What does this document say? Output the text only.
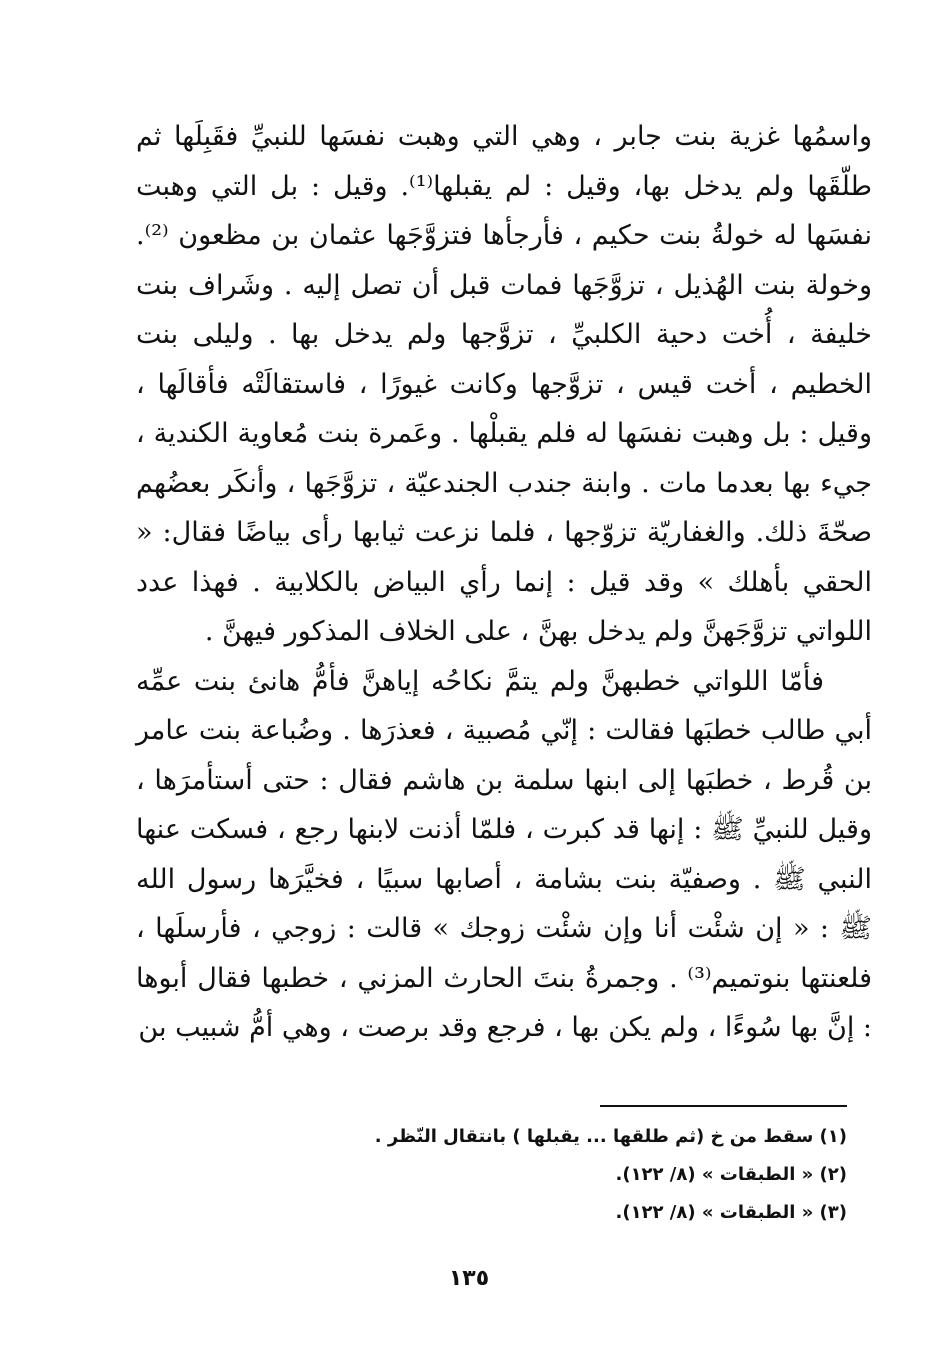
واسمُها غزية بنت جابر ، وهي التي وهبت نفسَها للنبيِّ فقَبِلَها ثم طلّقَها ولم يدخل بها، وقيل : لم يقبلها⁽¹⁾. وقيل : بل التي وهبت نفسَها له خولةُ بنت حكيم ، فأرجأها فتزوَّجَها عثمان بن مظعون ⁽²⁾. وخولة بنت الهُذيل ، تزوَّجَها فمات قبل أن تصل إليه . وشَراف بنت خليفة ، أُخت دحية الكلبيِّ ، تزوَّجها ولم يدخل بها . وليلى بنت الخطيم ، أخت قيس ، تزوَّجها وكانت غيورًا ، فاستقالَتْه فأقالَها ، وقيل : بل وهبت نفسَها له فلم يقبلْها . وعَمرة بنت مُعاوية الكندية ، جيء بها بعدما مات . وابنة جندب الجندعيّة ، تزوَّجَها ، وأنكَر بعضُهم صحّةَ ذلك. والغفاريّة تزوّجها ، فلما نزعت ثيابها رأى بياضًا فقال: « الحقي بأهلك » وقد قيل : إنما رأي البياض بالكلابية . فهذا عدد اللواتي تزوَّجَهنَّ ولم يدخل بهنَّ ، على الخلاف المذكور فيهنَّ .

فأمّا اللواتي خطبهنَّ ولم يتمَّ نكاحُه إياهنَّ فأمُّ هانئ بنت عمِّه أبي طالب خطبَها فقالت : إنّي مُصبية ، فعذرَها . وضُباعة بنت عامر بن قُرط ، خطبَها إلى ابنها سلمة بن هاشم فقال : حتى أستأمرَها ، وقيل للنبيِّ ﷺ : إنها قد كبرت ، فلمّا أذنت لابنها رجع ، فسكت عنها النبي ﷺ . وصفيّة بنت بشامة ، أصابها سبيًا ، فخيَّرَها رسول الله ﷺ : « إن شئْت أنا وإن شئْت زوجك » قالت : زوجي ، فأرسلَها ، فلعنتها بنوتميم⁽³⁾ . وجمرةُ بنتَ الحارث المزني ، خطبها فقال أبوها : إنَّ بها سُوءًا ، ولم يكن بها ، فرجع وقد برصت ، وهي أمُّ شبيب بن

(١) سقط من خ (ثم طلقها ... يقبلها ) بانتقال النّظر .

(٢) « الطبقات » (٨/ ١٢٢).

(٣) « الطبقات » (٨/ ١٢٢).

١٣٥
